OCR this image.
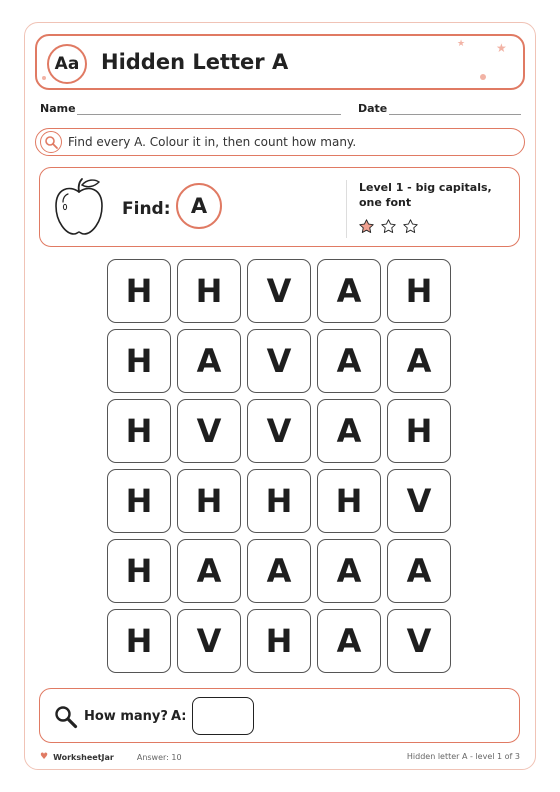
Aa	Hidden Letter A
★	★
Name	Date
Find every A. Colour it in, then count how many.
Find: A
Level 1 - big capitals, one font
H	H	V	A	H
H	A	V	A	A
H	V	V	A	H
H	H	H	H	V
H	A	A	A	A
H	V	H	A	V
How many? A:
♥ WorksheetJar	Answer: 10	Hidden letter A - level 1 of 3
